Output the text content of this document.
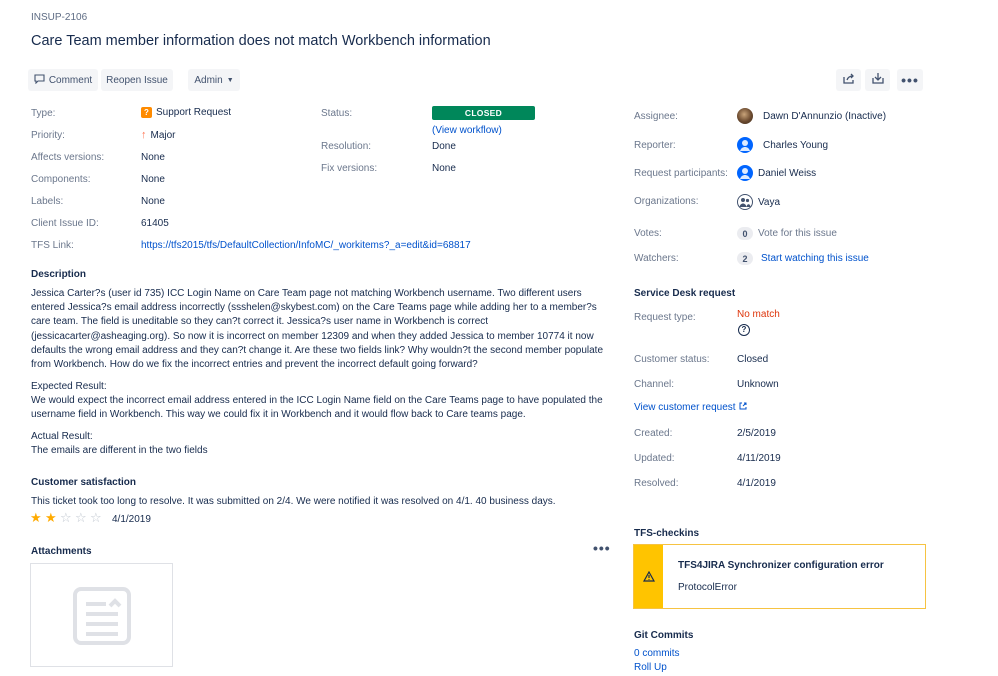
INSUP-2106
Care Team member information does not match Workbench information
Comment Reopen Issue	Admin ▼	•••
Type:	? Support Request
Priority:	↑ Major
Affects versions:	None
Components:	None
Labels:	None
Client Issue ID:	61405
TFS Link:	https://tfs2015/tfs/DefaultCollection/InfoMC/_workitems?_a=edit&id=68817
Status:	CLOSED
(View workflow)
Resolution:	Done
Fix versions:	None
Description
Jessica Carter?s (user id 735) ICC Login Name on Care Team page not matching Workbench username. Two different users entered Jessica?s email address incorrectly (ssshelen@skybest.com) on the Care Teams page while adding her to a member?s care team. The field is uneditable so they can?t correct it. Jessica?s user name in Workbench is correct (jessicacarter@asheaging.org). So now it is incorrect on member 12309 and when they added Jessica to member 10774 it now defaults the wrong email address and they can?t change it. Are these two fields link? Why wouldn?t the second member populate from Workbench. How do we fix the incorrect entries and prevent the incorrect default going forward?
Expected Result:
We would expect the incorrect email address entered in the ICC Login Name field on the Care Teams page to have populated the username field in Workbench. This way we could fix it in Workbench and it would flow back to Care teams page.
Actual Result:
The emails are different in the two fields
Customer satisfaction
This ticket took too long to resolve. It was submitted on 2/4. We were notified it was resolved on 4/1. 40 business days.
★ ★ ☆ ☆ ☆ 4/1/2019
Attachments	•••
Assignee:	Dawn D'Annunzio (Inactive)
Reporter:	Charles Young
Request participants:	Daniel Weiss
Organizations:	Vaya
Votes:	0	Vote for this issue
Watchers:	2	Start watching this issue
Service Desk request
Request type:	No match
?
Customer status:	Closed
Channel:	Unknown
View customer request
Created:	2/5/2019
Updated:	4/11/2019
Resolved:	4/1/2019
TFS-checkins
TFS4JIRA Synchronizer configuration error
ProtocolError
Git Commits
0 commits
Roll Up
